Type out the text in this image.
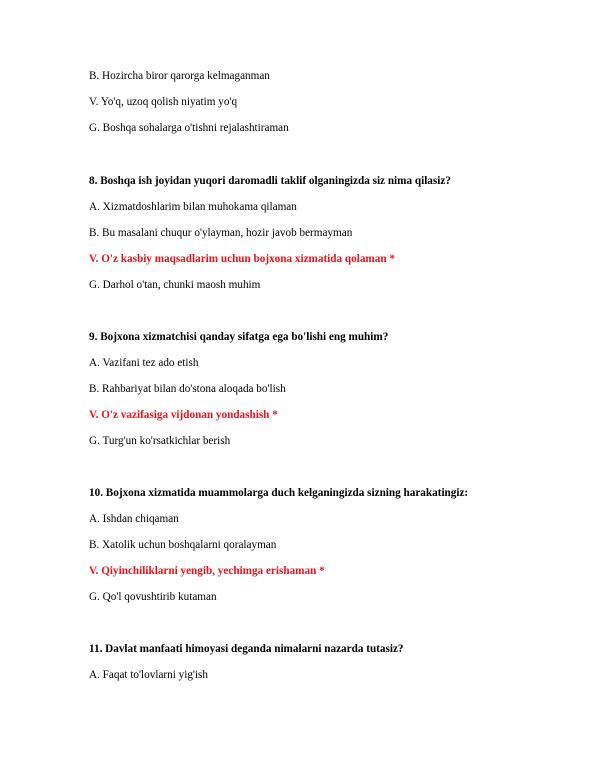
B. Hozircha biror qarorga kelmaganman
V. Yo'q, uzoq qolish niyatim yo'q
G. Boshqa sohalarga o'tishni rejalashtiraman
8. Boshqa ish joyidan yuqori daromadli taklif olganingizda siz nima qilasiz?
A. Xizmatdoshlarim bilan muhokama qilaman
B. Bu masalani chuqur o'ylayman, hozir javob bermayman
V. O'z kasbiy maqsadlarim uchun bojxona xizmatida qolaman *
G. Darhol o'tan, chunki maosh muhim
9. Bojxona xizmatchisi qanday sifatga ega bo'lishi eng muhim?
A. Vazifani tez ado etish
B. Rahbariyat bilan do'stona aloqada bo'lish
V. O'z vazifasiga vijdonan yondashish *
G. Turg'un ko'rsatkichlar berish
10. Bojxona xizmatida muammolarga duch kelganingizda sizning harakatingiz:
A. Ishdan chiqaman
B. Xatolik uchun boshqalarni qoralayman
V. Qiyinchiliklarni yengib, yechimga erishaman *
G. Qo'l qovushtirib kutaman
11. Davlat manfaati himoyasi deganda nimalarni nazarda tutasiz?
A. Faqat to'lovlarni yig'ish
